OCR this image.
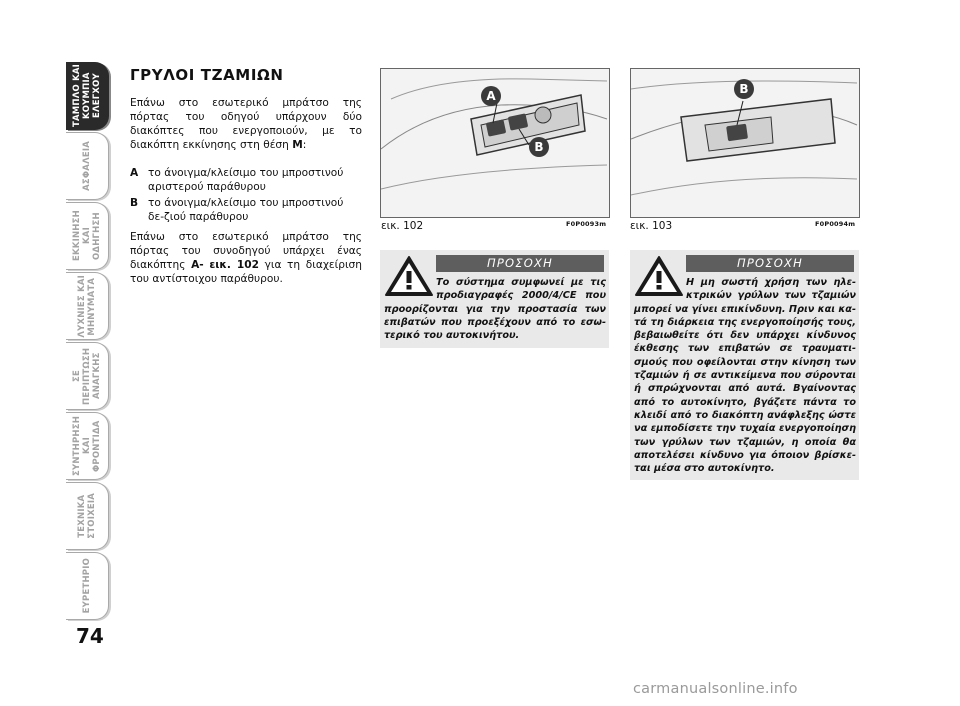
ΤΑΜΠΛΟ ΚΑΙ
ΚΟΥΜΠΙΑ
ΕΛΕΓΧΟΥ
ΑΣΦΑΛΕΙΑ
ΕΚΚΙΝΗΣΗ
ΚΑΙ ΟΔΗΓΗΣΗ
ΛΥΧΝΙΕΣ ΚΑΙ
ΜΗΝΥΜΑΤΑ
ΣΕ ΠΕΡΙΠΤΩΣΗ
ΑΝΑΓΚΗΣ
ΣΥΝΤΗΡΗΣΗ
ΚΑΙ ΦΡΟΝΤΙΔΑ
ΤΕΧΝΙΚΑ
ΣΤΟΙΧΕΙΑ
ΕΥΡΕΤΗΡΙΟ
74
ΓΡΥΛΟΙ ΤΖΑΜΙΩΝ
Επάνω στο εσωτερικό μπράτσο της πόρτας του οδηγού υπάρχουν δύο διακόπτες που ενεργοποιούν, με το διακόπτη εκκίνησης στη θέση M:
A το άνοιγμα/κλείσιμο του μπροστινού αριστερού παράθυρου
B το άνοιγμα/κλείσιμο του μπροστινού δε-ζιού παράθυρου
Επάνω στο εσωτερικό μπράτσο της πόρτας του συνοδηγού υπάρχει ένας διακόπτης Α- εικ. 102 για τη διαχείριση του αντίστοιχου παράθυρου.
A
B
εικ. 102	F0P0093m
B
εικ. 103	F0P0094m
ΠΡΟΣΟΧΗ
Το σύστημα συμφωνεί με τις προδιαγραφές 2000/4/CE που προορίζονται για την προστασία των επιβατών που προεξέχουν από το εσω-τερικό του αυτοκινήτου.
ΠΡΟΣΟΧΗ
Η μη σωστή χρήση των ηλε-κτρικών γρύλων των τζαμιών μπορεί να γίνει επικίνδυνη. Πριν και κα-τά τη διάρκεια της ενεργοποίησής τους, βεβαιωθείτε ότι δεν υπάρχει κίνδυνος έκθεσης των επιβατών σε τραυματι-σμούς που οφείλονται στην κίνηση των τζαμιών ή σε αντικείμενα που σύρονται ή σπρώχνονται από αυτά. Βγαίνοντας από το αυτοκίνητο, βγάζετε πάντα το κλειδί από το διακόπτη ανάφλεξης ώστε να εμποδίσετε την τυχαία ενεργοποίηση των γρύλων των τζαμιών, η οποία θα αποτελέσει κίνδυνο για όποιον βρίσκε-ται μέσα στο αυτοκίνητο.
carmanualsonline.info
